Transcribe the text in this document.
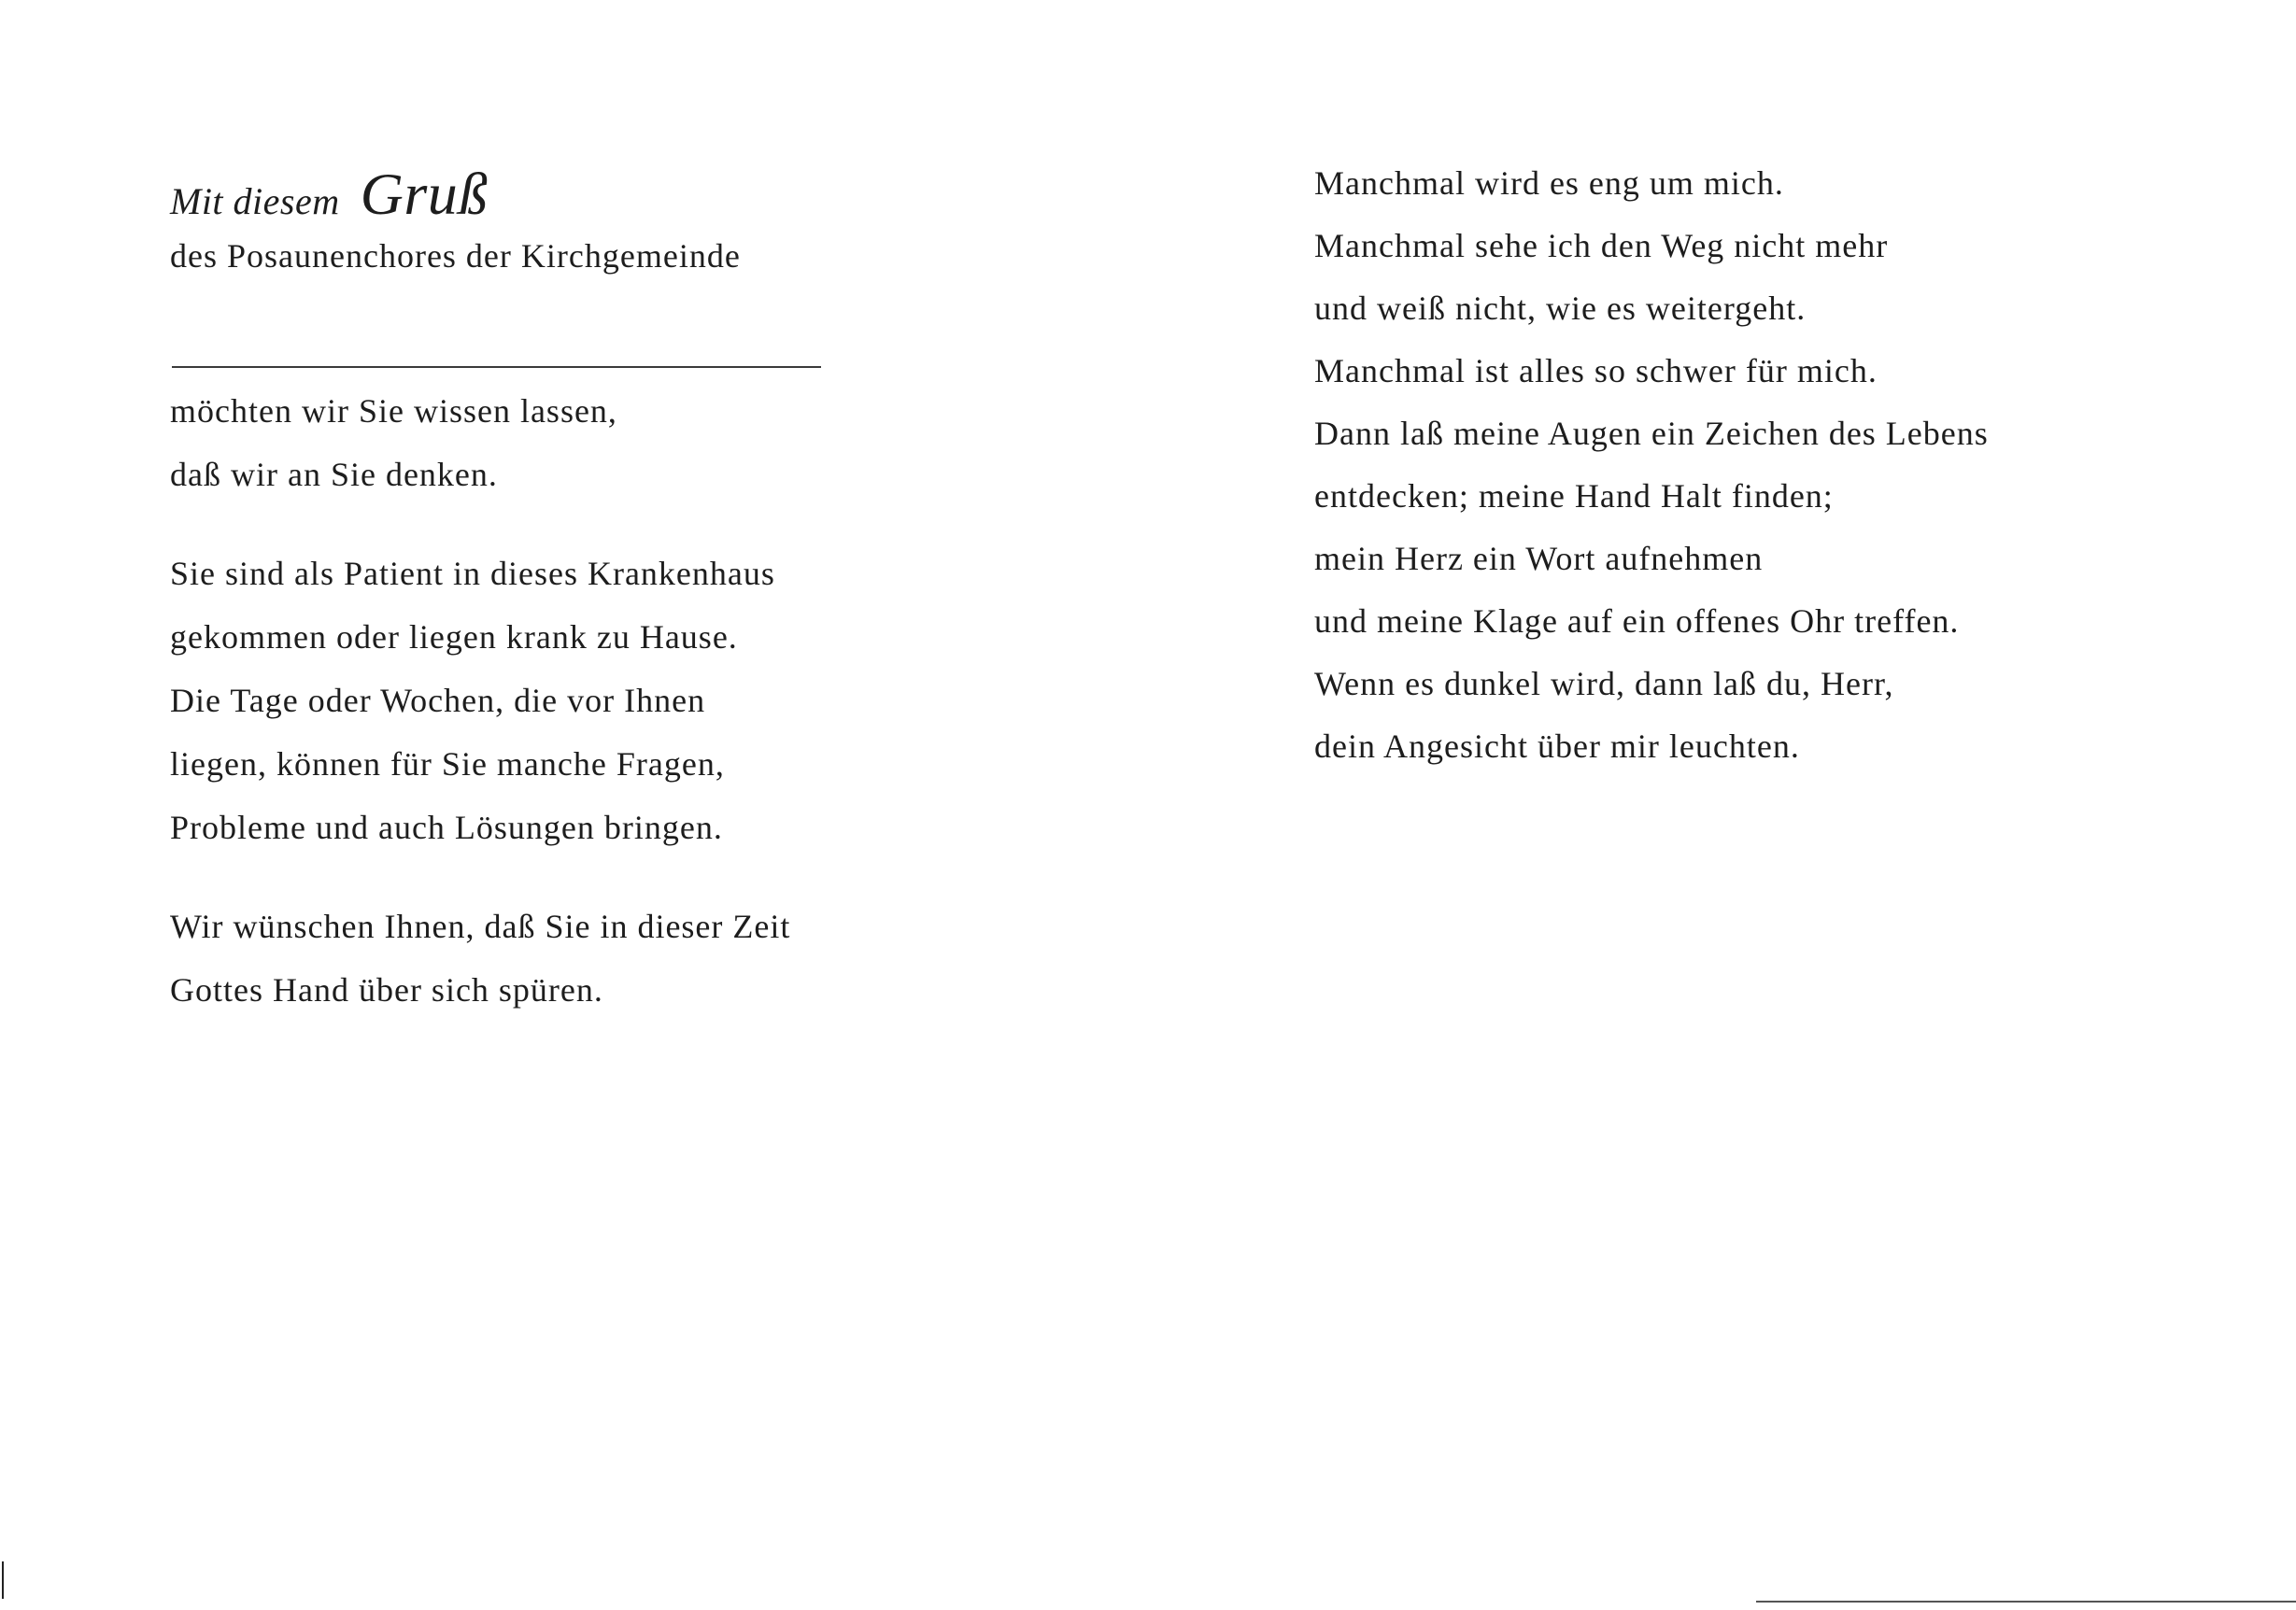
Mit diesem Gruß
des Posaunenchores der Kirchgemeinde
möchten wir Sie wissen lassen,
daß wir an Sie denken.
Sie sind als Patient in dieses Krankenhaus
gekommen oder liegen krank zu Hause.
Die Tage oder Wochen, die vor Ihnen
liegen, können für Sie manche Fragen,
Probleme und auch Lösungen bringen.
Wir wünschen Ihnen, daß Sie in dieser Zeit
Gottes Hand über sich spüren.
Manchmal wird es eng um mich.
Manchmal sehe ich den Weg nicht mehr
und weiß nicht, wie es weitergeht.
Manchmal ist alles so schwer für mich.
Dann laß meine Augen ein Zeichen des Lebens
entdecken; meine Hand Halt finden;
mein Herz ein Wort aufnehmen
und meine Klage auf ein offenes Ohr treffen.
Wenn es dunkel wird, dann laß du, Herr,
dein Angesicht über mir leuchten.
